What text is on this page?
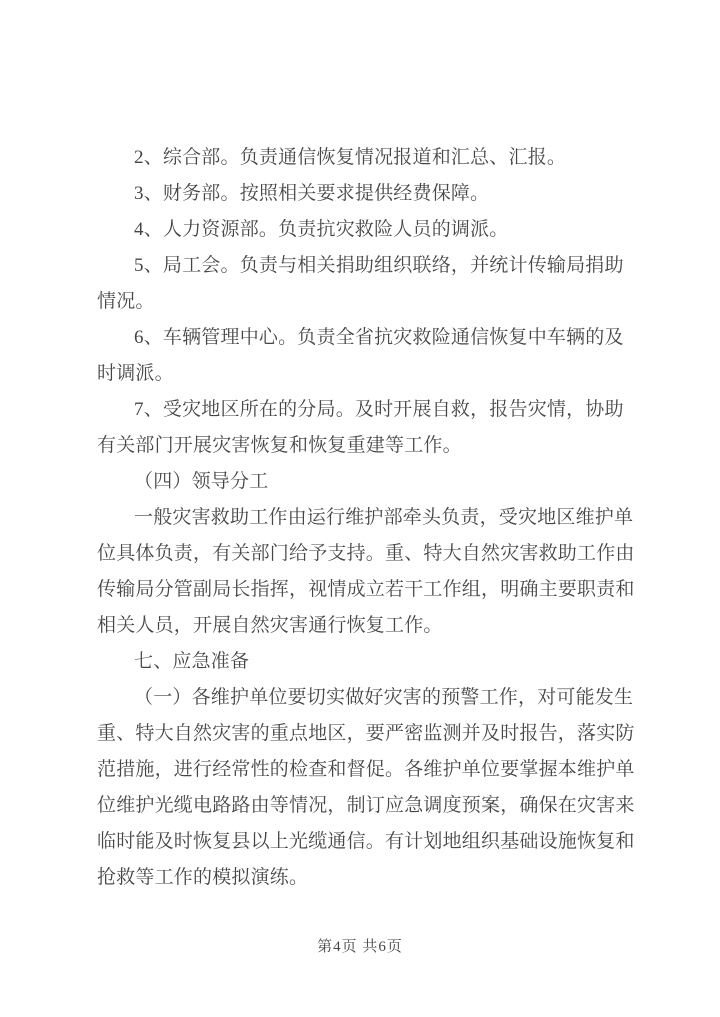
2、综合部。负责通信恢复情况报道和汇总、汇报。
3、财务部。按照相关要求提供经费保障。
4、人力资源部。负责抗灾救险人员的调派。
5、局工会。负责与相关捐助组织联络，并统计传输局捐助
情况。
6、车辆管理中心。负责全省抗灾救险通信恢复中车辆的及
时调派。
7、受灾地区所在的分局。及时开展自救，报告灾情，协助
有关部门开展灾害恢复和恢复重建等工作。
（四）领导分工
一般灾害救助工作由运行维护部牵头负责，受灾地区维护单
位具体负责，有关部门给予支持。重、特大自然灾害救助工作由
传输局分管副局长指挥，视情成立若干工作组，明确主要职责和
相关人员，开展自然灾害通行恢复工作。
七、应急准备
（一）各维护单位要切实做好灾害的预警工作，对可能发生
重、特大自然灾害的重点地区，要严密监测并及时报告，落实防
范措施，进行经常性的检查和督促。各维护单位要掌握本维护单
位维护光缆电路路由等情况，制订应急调度预案，确保在灾害来
临时能及时恢复县以上光缆通信。有计划地组织基础设施恢复和
抢救等工作的模拟演练。
第4页 共6页
